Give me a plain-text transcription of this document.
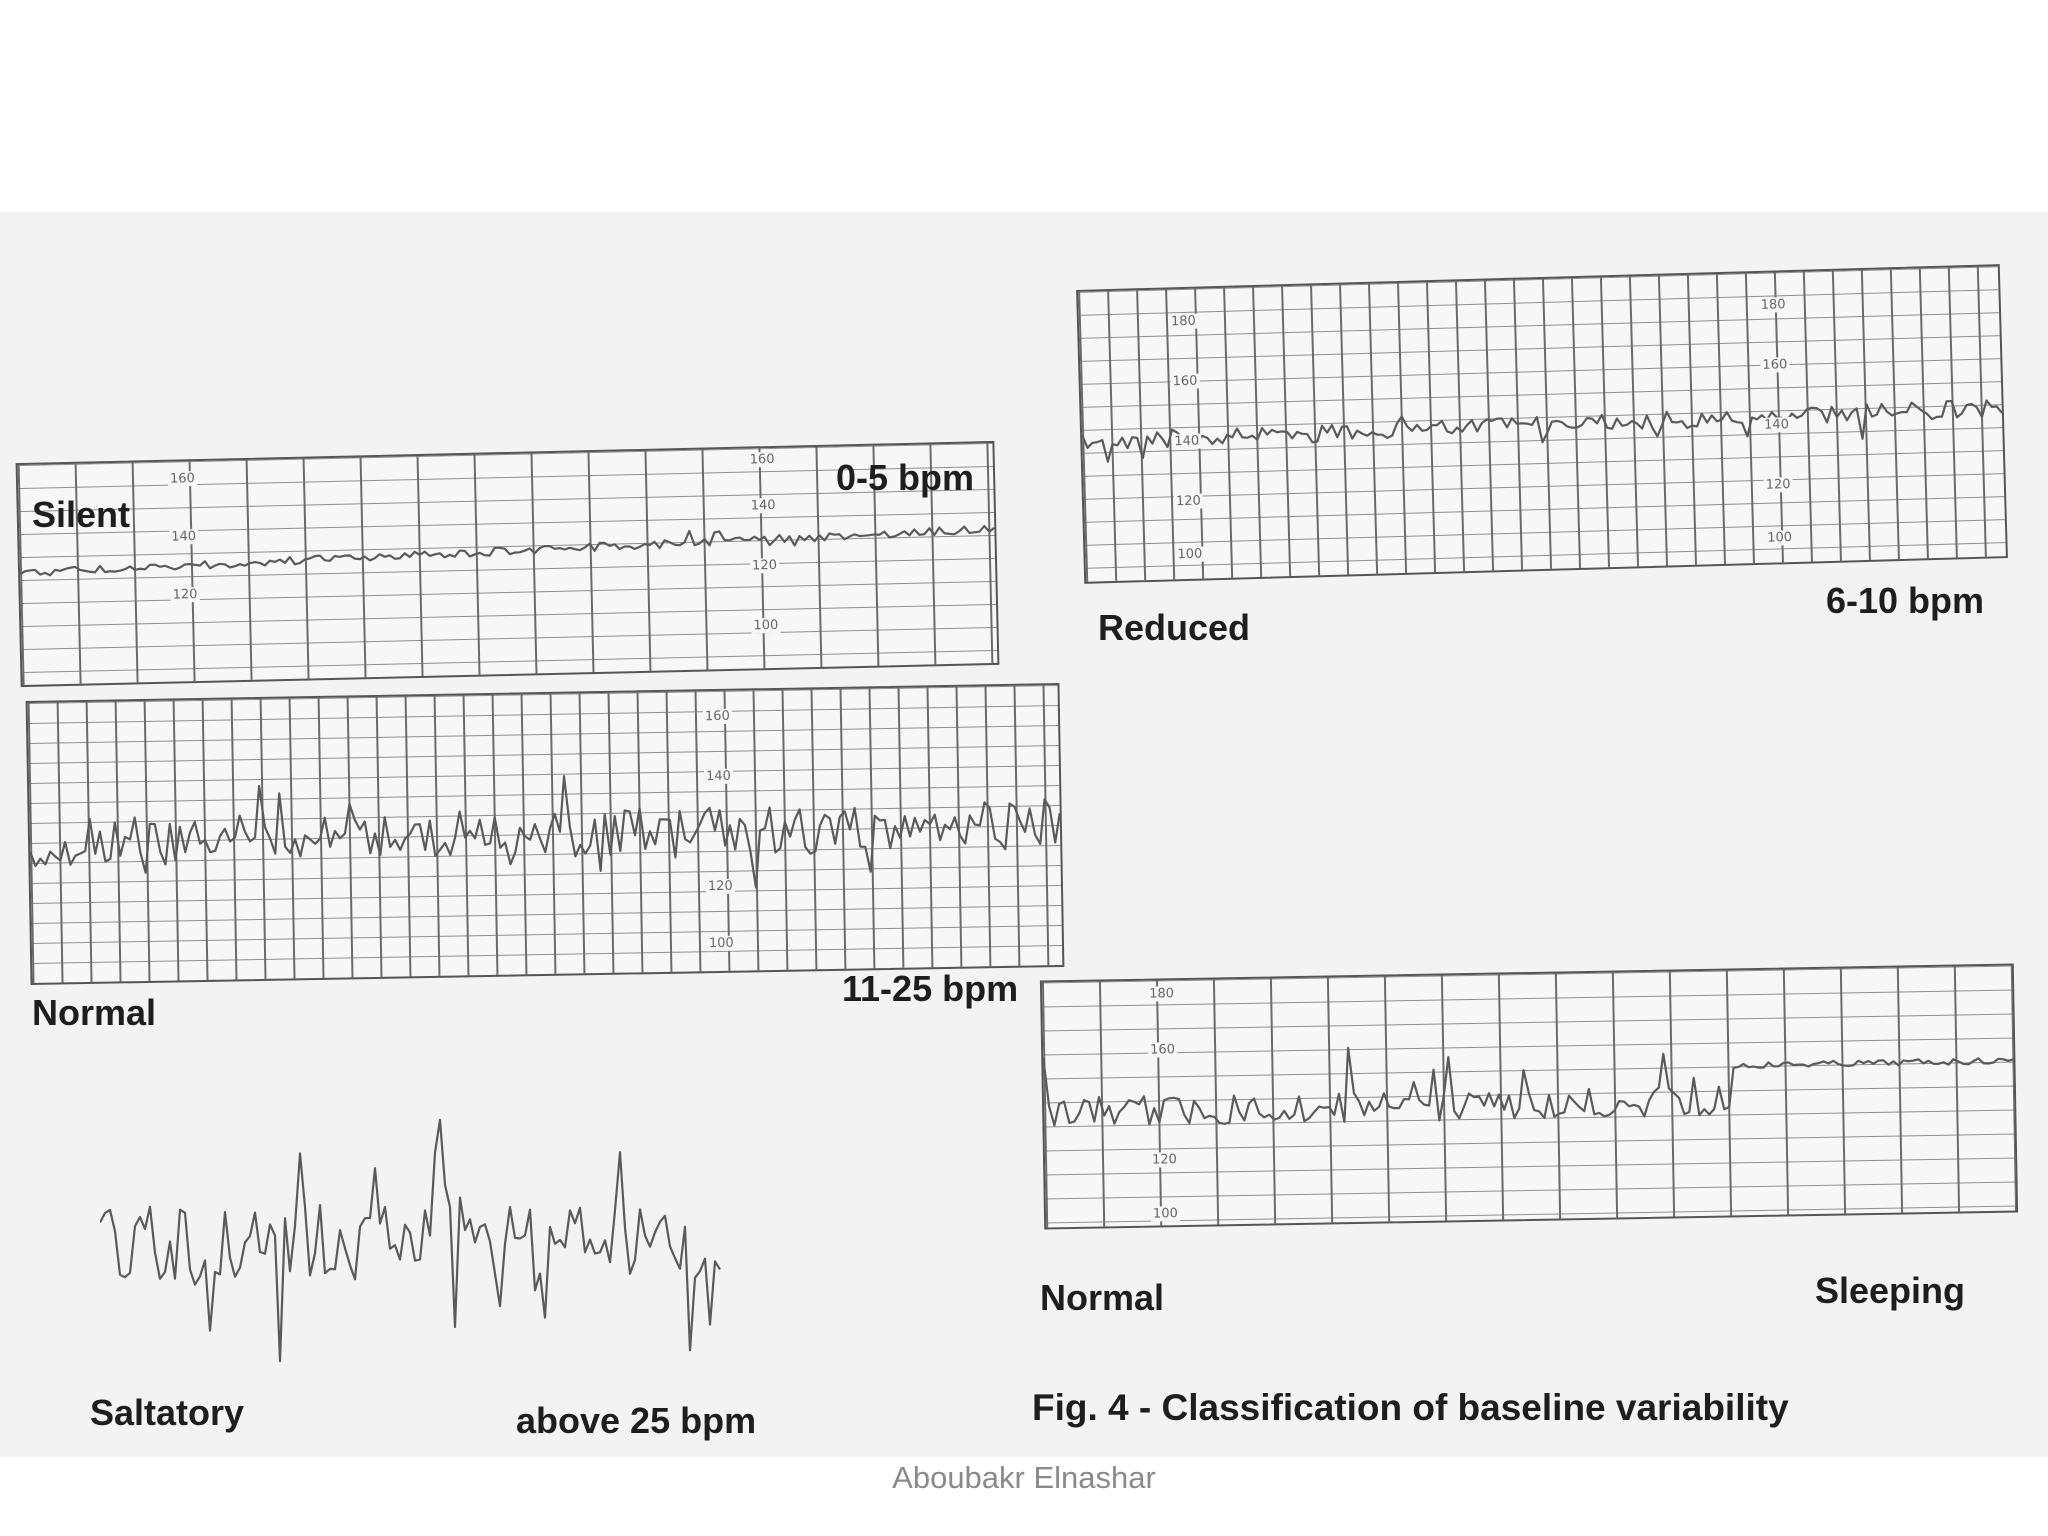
160
140
120
160
140
120
100
Silent
0-5 bpm
180
160
140
120
100
180
160
140
120
100
Reduced
6-10 bpm
160
140
120
100
Normal
11-25 bpm
Saltatory	above 25 bpm
180
160
120
100
Normal	Sleeping
Fig. 4 - Classification of baseline variability
Aboubakr Elnashar
